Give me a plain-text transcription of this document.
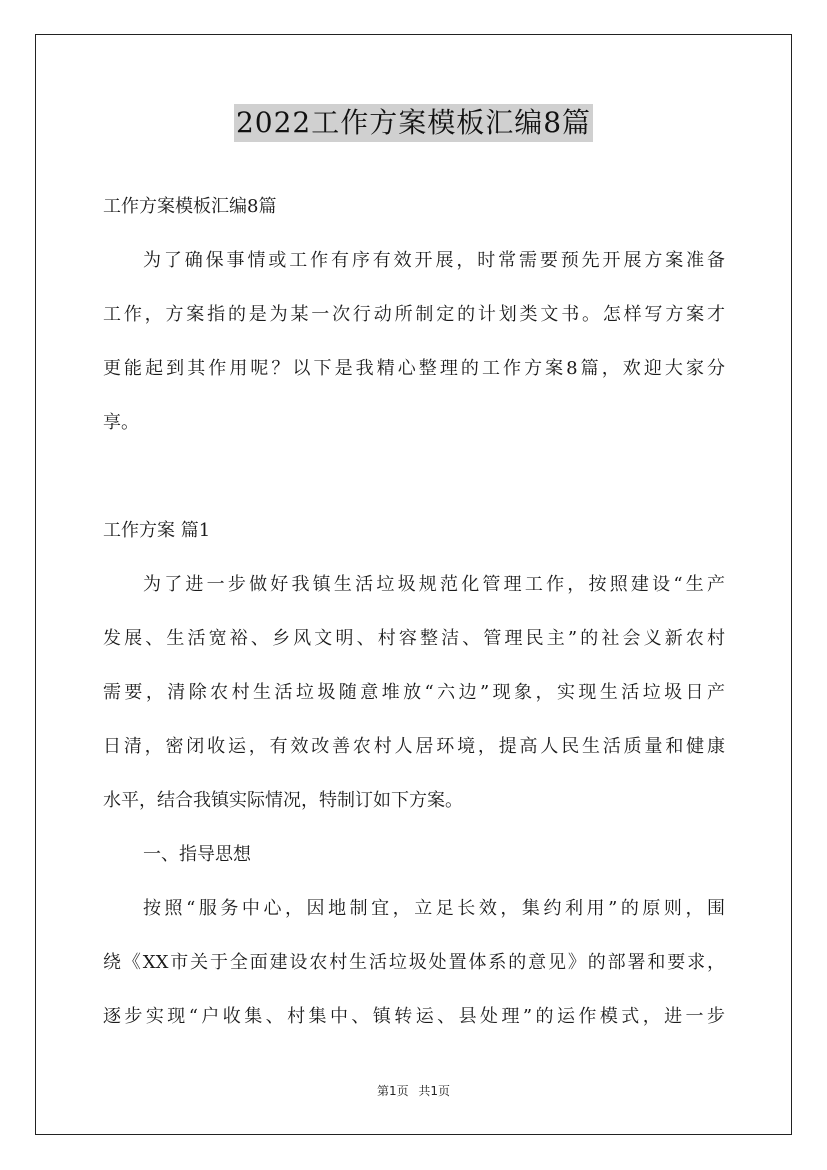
2022工作方案模板汇编8篇
工作方案模板汇编8篇
为了确保事情或工作有序有效开展，时常需要预先开展方案准备
工作，方案指的是为某一次行动所制定的计划类文书。怎样写方案才
更能起到其作用呢？以下是我精心整理的工作方案8篇，欢迎大家分
享。
工作方案 篇1
为了进一步做好我镇生活垃圾规范化管理工作，按照建设“生产
发展、生活宽裕、乡风文明、村容整洁、管理民主”的社会义新农村
需要，清除农村生活垃圾随意堆放“六边”现象，实现生活垃圾日产
日清，密闭收运，有效改善农村人居环境，提高人民生活质量和健康
水平，结合我镇实际情况，特制订如下方案。
一、指导思想
按照“服务中心，因地制宜，立足长效，集约利用”的原则，围
绕《XX市关于全面建设农村生活垃圾处置体系的意见》的部署和要求，
逐步实现“户收集、村集中、镇转运、县处理”的运作模式，进一步
第1页 共1页
